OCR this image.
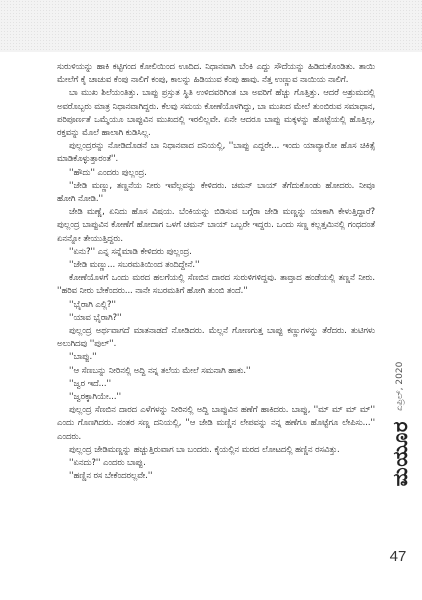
ಸುರುಳಿಯನ್ನು ಹಾಕಿ ಕಟ್ಟಿಗಂದ ಕೋಲಿಯಿಂದ ಊದಿದ. ನಿಧಾನವಾಗಿ ಬೆಂಕಿ ಎದ್ದು ಸೌದೆಯನ್ನು ಹಿಡಿದುಕೊಂಡಿತು. ತಾಯಿ ಮೇಲೆಗೆ ಕೈ ಚಾಚುವ ಕೆಂಪು ನಾಲಿಗೆ ಕಂಪು, ಕಾಲನ್ನು ಹಿಡಿಯುವ ಕೆಂಪು ಹಾವು. ನೆತ್ತ ಉಣ್ಣುವ ನಾಯಿಯ ನಾಲಿಗೆ.

ಬಾ ಮುಖ ಶಿಲೆಯಂತಿತ್ತು. ಬಾಪ್ಪು ಪ್ರಸ್ತುತ ಸ್ಥಿತಿ ಉಳಿದವರಿಗಿಂತ ಬಾ ಅವರಿಗೆ ಹೆಚ್ಚು ಗೊತ್ತಿತ್ತು. ಆದರೆ ಅಶ್ರುಮದಲ್ಲಿ ಅವರೊಬ್ಬರು ಮಾತ್ರ ನಿಧಾನವಾಗಿದ್ದರು. ಕೆಲವು ಸಮಯ ಕೋಣೆಯೊಳಗಿದ್ದು, ಬಾ ಮುಖದ ಮೇಲೆ ತುಂಬಿರುವ ಸಮಾಧಾನ, ಪರಿಪೂರ್ಣತೆ ಒಮ್ಮೆಯೂ ಬಾಪ್ಪುವಿನ ಮುಖದಲ್ಲಿ ಇರಲಿಲ್ಲವೇ. ಏನೇ ಆದರೂ ಬಾಪ್ಪು ಮಕ್ಕಳನ್ನು ಹೊಟ್ಟೆಯಲ್ಲಿ ಹೊತ್ತಿಲ್ಲ, ರಕ್ತವನ್ನು ಮೊಲೆ ಹಾಲಾಗಿ ಕುಡಿಸಿಲ್ಲ.

ಪುಲ್ಲಂದ್ರರನ್ನು ನೋಡಿದೊಡನೆ ಬಾ ನಿಧಾನವಾದ ದನಿಯಲ್ಲಿ, ''ಬಾಪ್ಪು ಎದ್ದರೇ... ಇಂದು ಯಾವ್ಯಾರೋ ಹೊಸ ಚಿಕಿತ್ಸೆ ಮಾಡಿಕೊಳ್ಳುತ್ತಾರಂತೆ''.

''ಹೌದು'' ಎಂದರು ಪುಲ್ಲಂದ್ರ.

''ಜೇಡಿ ಮಣ್ಣು, ತಣ್ಣನೆಯ ನೀರು ಇವೆಲ್ಲವನ್ನು ಕೇಳಿದರು. ಚಮನ್ ಬಾಯ್ ತೆಗೆದುಕೊಂಡು ಹೋದರು. ನೀವೂ ಹೋಗಿ ನೋಡಿ.''

ಜೇಡಿ ಮಣ್ಣೆ, ಏನಿದು ಹೊಸ ವಿಷಯ. ಬೆಂಕಿಯನ್ನು ಬಿಡಿಸುವ ಬಗ್ಗೆರಾ ಜೇಡಿ ಮಣ್ಣನ್ನು ಯಾಕಾಗಿ ಕೇಳುತ್ತಿದ್ದಾರೆ? ಪುಲ್ಲಂದ್ರ ಬಾಪ್ಪುವಿನ ಕೋಣೆಗೆ ಹೋದಾಗ ಒಳಗೆ ಚಮನ್ ಬಾಯ್ ಒಬ್ಬರೇ ಇದ್ದರು. ಒಂದು ಸಣ್ಣ ಕಲ್ಲತ್ತಮಿನಲ್ಲಿ ಗಂಧದಂತೆ ಏನನ್ನೋ ತೇಯುತ್ತಿದ್ದರು.

''ಏನು?'' ಎನ್ನ ಸನ್ನೆಮಾಡಿ ಕೇಳಿದರು ಪುಲ್ಲಂದ್ರ.

''ಜೇಡಿ ಮಣ್ಣು... ಸಬರಮತಿಯಿಂದ ತಂದಿದ್ದೇನೆ.''

ಕೋಣೆಯೊಳಗೆ ಒಂದು ಮರದ ಹಲಗೆಯಲ್ಲಿ ಸೆಣಬಿನ ದಾರದ ಸುರುಳಿಗಳಿದ್ದವು. ತಾವ್ತಾದ ಹಂಡೆಯಲ್ಲಿ ತಣ್ಣನೆ ನೀರು. ''ಹರಿವ ನೀರು ಬೇಕೆಂದರು... ನಾನೇ ಸಬರಮತಿಗೆ ಹೋಗಿ ತುಂಬಿ ತಂದೆ.''

''ಭೈರಾಗಿ ಎಲ್ಲಿ?''

''ಯಾವ ಭೈರಾಗಿ?''

ಪುಲ್ಲಂದ್ರ ಅರ್ಥವಾಗದೆ ಮಾತನಾಡದೆ ನೋಡಿದರು. ಮೆಲ್ಲನೆ ಗೋಣಗುತ್ತ ಬಾಪ್ಪು ಕಣ್ಣುಗಳನ್ನು ತೆರೆದರು. ತುಟಿಗಳು ಅಲುಗಿದವು ''ಪುಲ್''.

''ಬಾಪ್ಪು.''

''ಆ ಸೆಣಬನ್ನು ನೀರಿನಲ್ಲಿ ಅದ್ದಿ ನನ್ನ ತಲೆಯ ಮೇಲೆ ಸಮನಾಗಿ ಹಾಕು.''

''ಜ್ವರ ಇದೆ...''

''ಜ್ವರಕ್ಕಾಗಿಯೇ...''

ಪುಲ್ಲಂದ್ರ ಸೆಣಬಿನ ದಾರದ ಎಳೆಗಳನ್ನು ನೀರಿನಲ್ಲಿ ಅದ್ದಿ ಬಾಪ್ಪುವಿನ ಹಣೆಗೆ ಹಾಕಿದರು. ಬಾಪ್ಪು, ''ಮ್ ಮ್ ಮ್ ಮ್'' ಎಂದು ಗೊಣಗಿದರು. ನಂತರ ಸಣ್ಣ ದನಿಯಲ್ಲಿ, ''ಆ ಜೇಡಿ ಮಣ್ಣಿನ ಲೇಪವನ್ನು ನನ್ನ ಹಣೆಗೂ ಹೊಟ್ಟೆಗೂ ಲೇಪಿಸು...'' ಎಂದರು.

ಪುಲ್ಲಂದ್ರ ಜೇಡಿಮಣ್ಣನ್ನು ಹಚ್ಚುತ್ತಿರುವಾಗ ಬಾ ಬಂದರು. ಕೈಯಲ್ಲಿನ ಮರದ ಲೋಟದಲ್ಲಿ ಹಣ್ಣಿನ ರಸವಿತ್ತು.

''ಏನದು?'' ಎಂದರು ಬಾಪ್ಪು.

''ಹಣ್ಣಿನ ರಸ ಬೇಕೆಂದರಲ್ಲವೇ.''	ಮಯೂರ
ಏಪ್ರಿಲ್, 2020
47
